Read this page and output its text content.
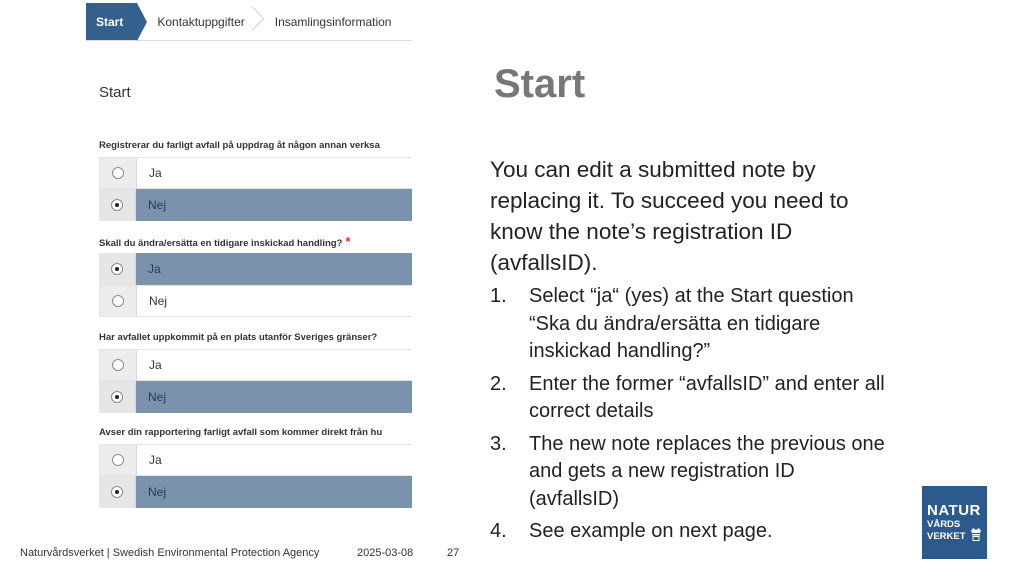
Start	Kontaktuppgifter	Insamlingsinformation
Start
Registrerar du farligt avfall på uppdrag åt någon annan verksa
Ja
Nej
Skall du ändra/ersätta en tidigare inskickad handling? *
Ja
Nej
Har avfallet uppkommit på en plats utanför Sveriges gränser?
Ja
Nej
Avser din rapportering farligt avfall som kommer direkt från hu
Ja
Nej
Start
You can edit a submitted note by replacing it. To succeed you need to know the note’s registration ID (avfallsID).
1. Select “ja“ (yes) at the Start question “Ska du ändra/ersätta en tidigare inskickad handling?”
2. Enter the former “avfallsID” and enter all correct details
3. The new note replaces the previous one and gets a new registration ID (avfallsID)
4. See example on next page.
Naturvårdsverket | Swedish Environmental Protection Agency	2025-03-08	27
NATUR
VÅRDS
VERKET
